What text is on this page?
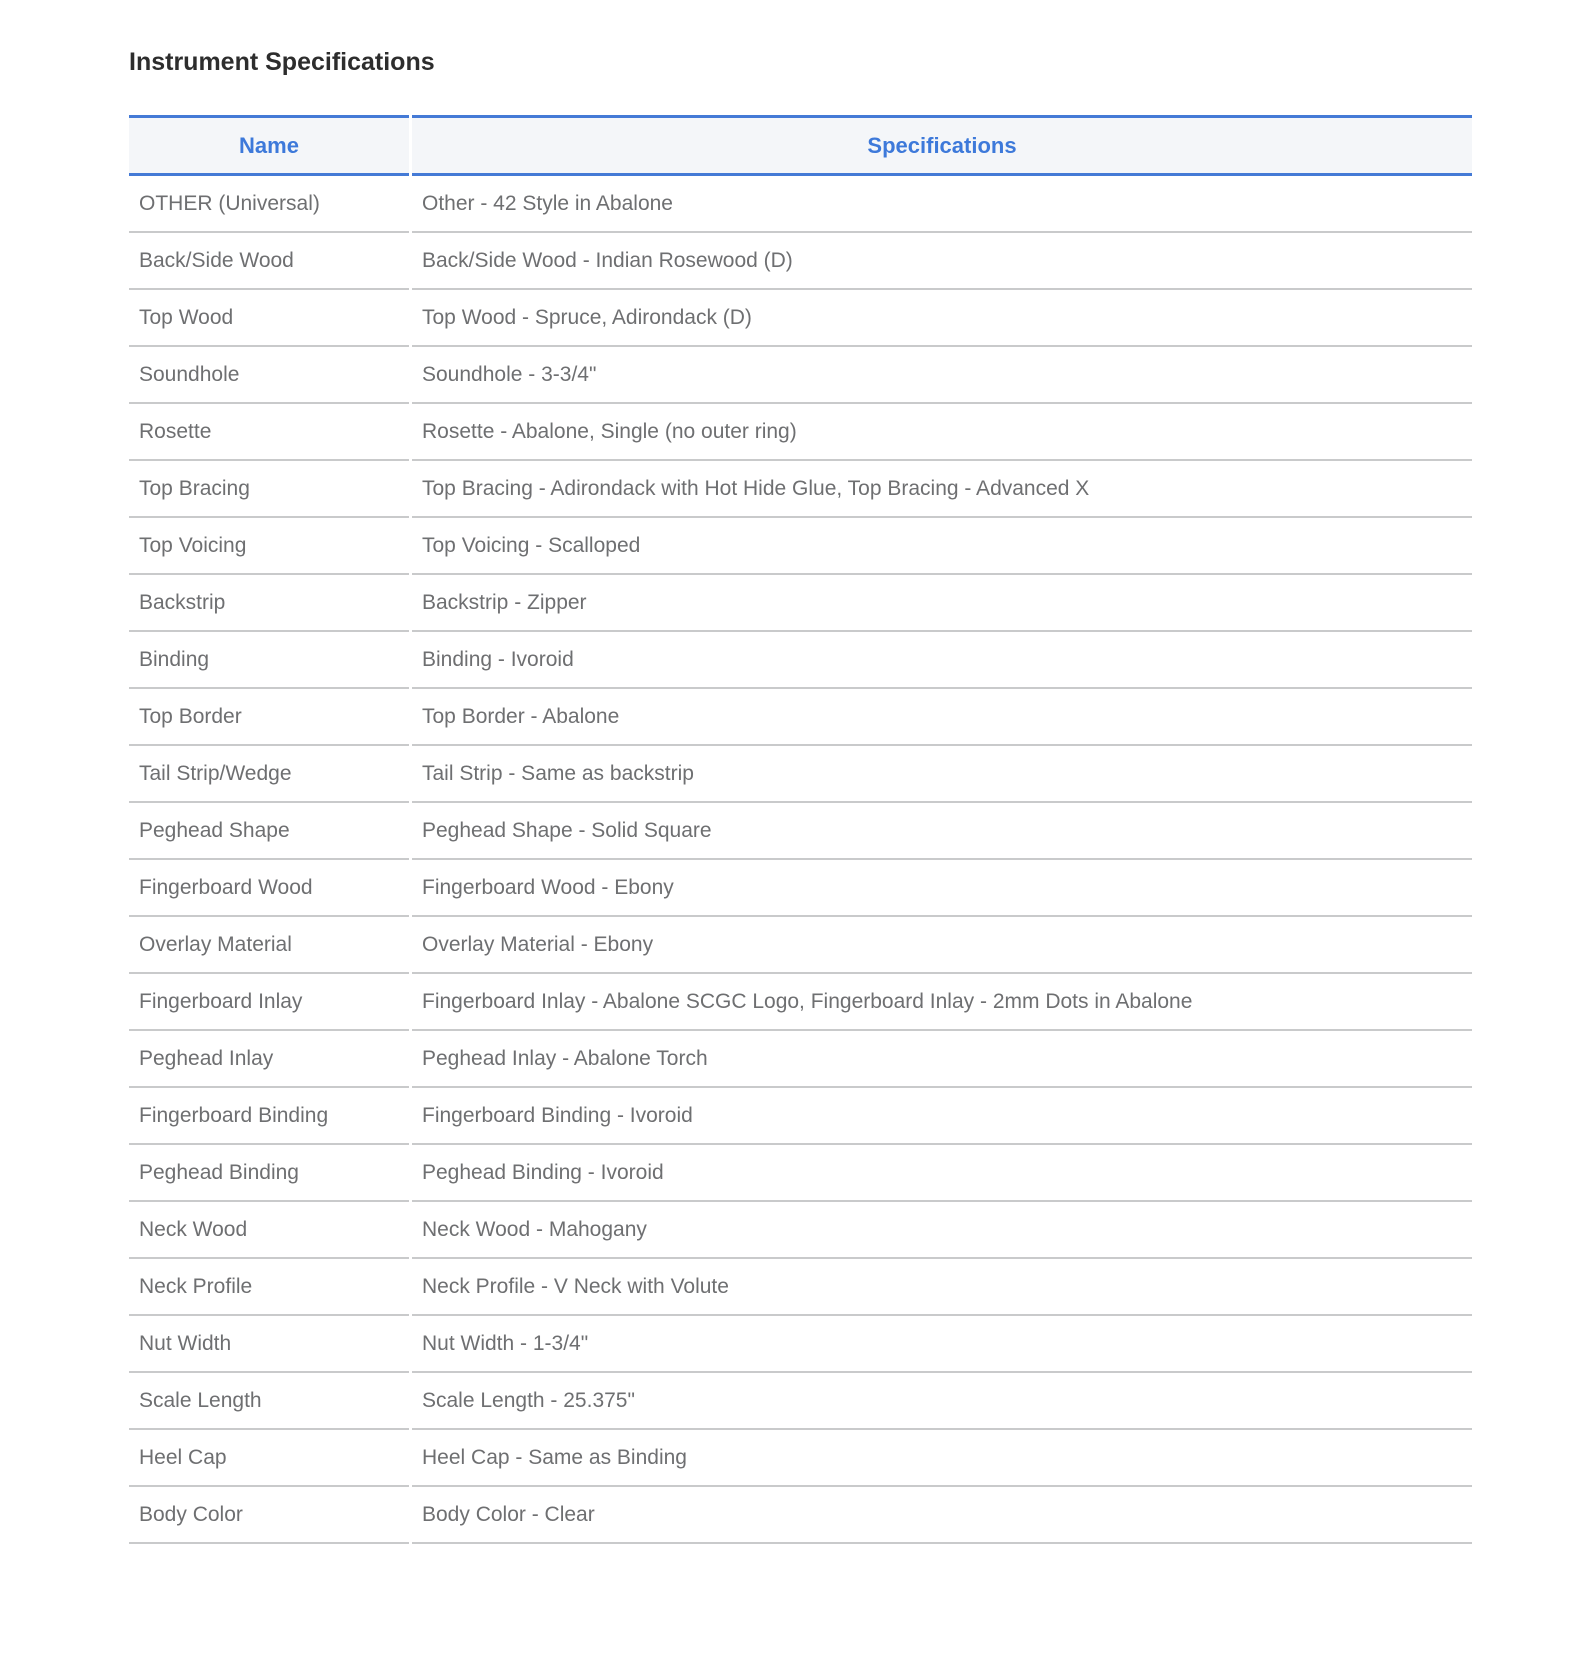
Instrument Specifications
Name	Specifications
OTHER (Universal)	Other - 42 Style in Abalone
Back/Side Wood	Back/Side Wood - Indian Rosewood (D)
Top Wood	Top Wood - Spruce, Adirondack (D)
Soundhole	Soundhole - 3-3/4"
Rosette	Rosette - Abalone, Single (no outer ring)
Top Bracing	Top Bracing - Adirondack with Hot Hide Glue, Top Bracing - Advanced X
Top Voicing	Top Voicing - Scalloped
Backstrip	Backstrip - Zipper
Binding	Binding - Ivoroid
Top Border	Top Border - Abalone
Tail Strip/Wedge	Tail Strip - Same as backstrip
Peghead Shape	Peghead Shape - Solid Square
Fingerboard Wood	Fingerboard Wood - Ebony
Overlay Material	Overlay Material - Ebony
Fingerboard Inlay	Fingerboard Inlay - Abalone SCGC Logo, Fingerboard Inlay - 2mm Dots in Abalone
Peghead Inlay	Peghead Inlay - Abalone Torch
Fingerboard Binding	Fingerboard Binding - Ivoroid
Peghead Binding	Peghead Binding - Ivoroid
Neck Wood	Neck Wood - Mahogany
Neck Profile	Neck Profile - V Neck with Volute
Nut Width	Nut Width - 1-3/4"
Scale Length	Scale Length - 25.375"
Heel Cap	Heel Cap - Same as Binding
Body Color	Body Color - Clear
